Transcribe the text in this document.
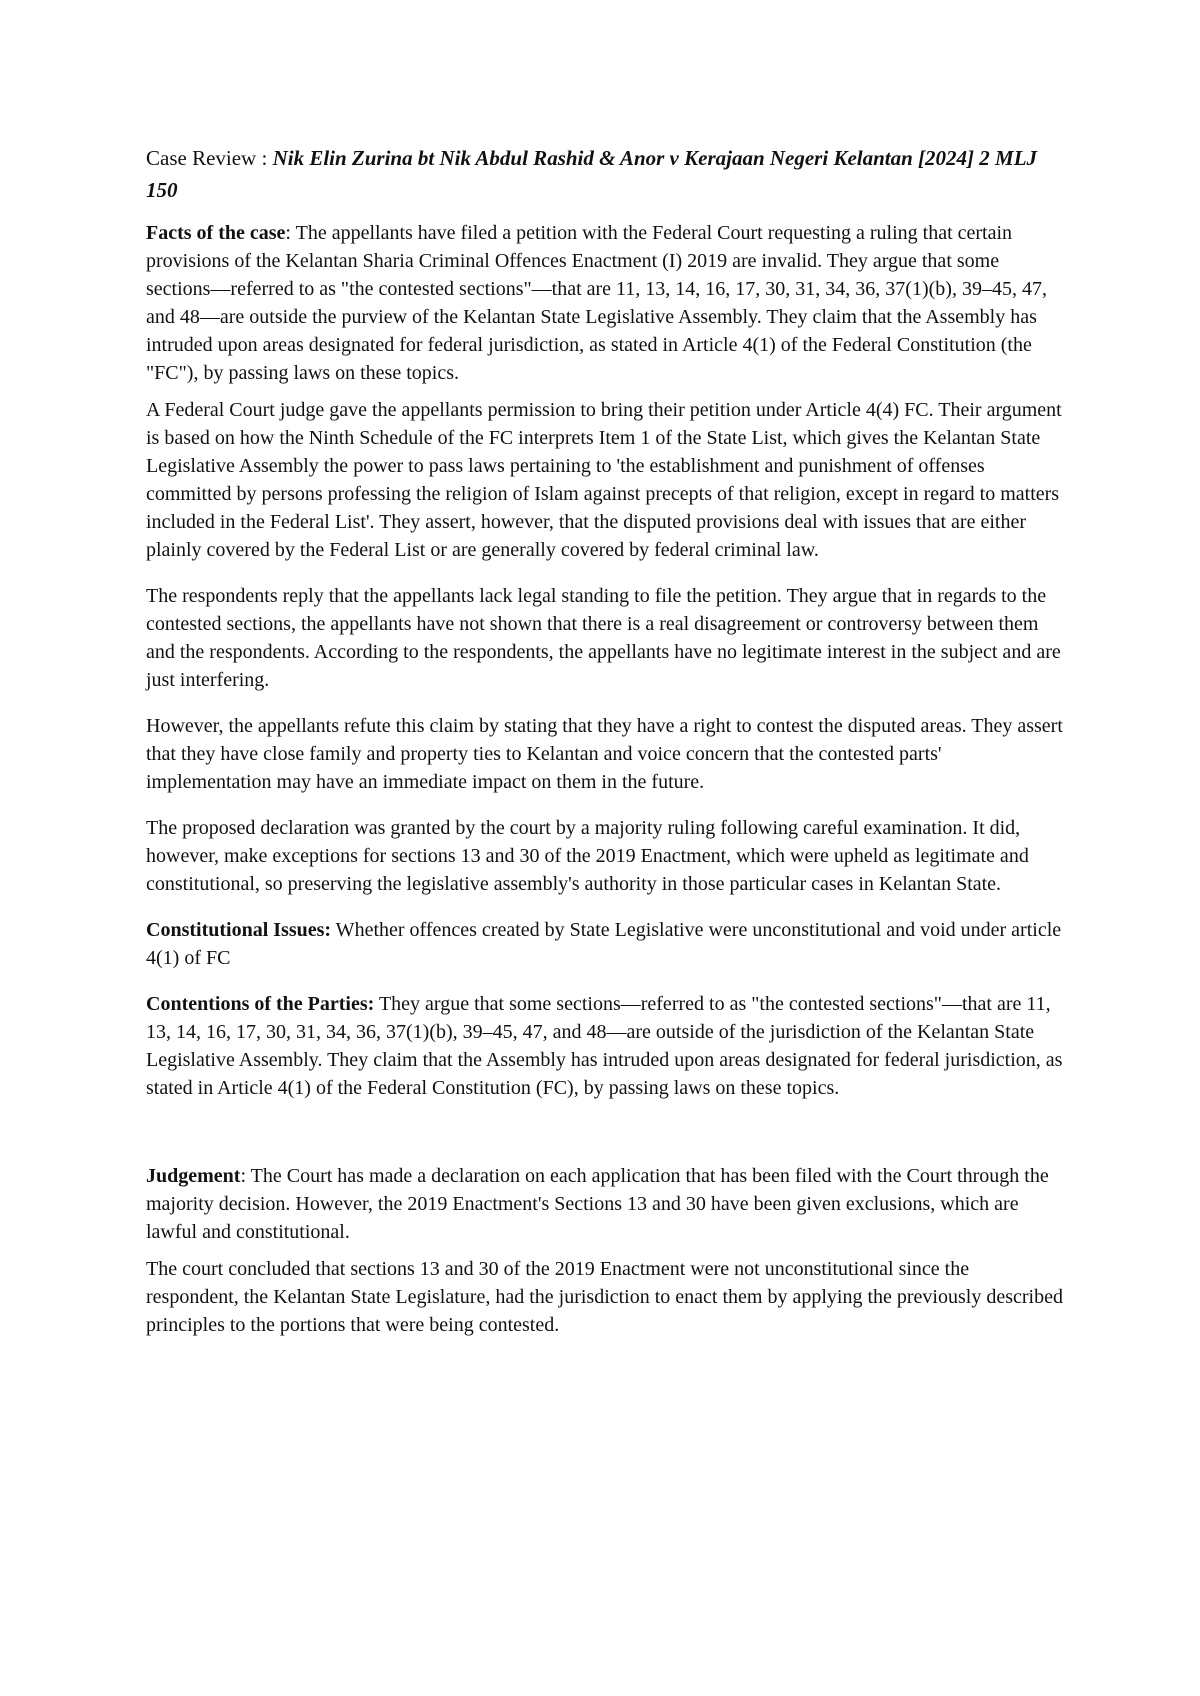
Case Review : Nik Elin Zurina bt Nik Abdul Rashid & Anor v Kerajaan Negeri Kelantan [2024] 2 MLJ 150

Facts of the case: The appellants have filed a petition with the Federal Court requesting a ruling that certain provisions of the Kelantan Sharia Criminal Offences Enactment (I) 2019 are invalid. They argue that some sections—referred to as "the contested sections"—that are 11, 13, 14, 16, 17, 30, 31, 34, 36, 37(1)(b), 39–45, 47, and 48—are outside the purview of the Kelantan State Legislative Assembly. They claim that the Assembly has intruded upon areas designated for federal jurisdiction, as stated in Article 4(1) of the Federal Constitution (the "FC"), by passing laws on these topics.

A Federal Court judge gave the appellants permission to bring their petition under Article 4(4) FC. Their argument is based on how the Ninth Schedule of the FC interprets Item 1 of the State List, which gives the Kelantan State Legislative Assembly the power to pass laws pertaining to 'the establishment and punishment of offenses committed by persons professing the religion of Islam against precepts of that religion, except in regard to matters included in the Federal List'. They assert, however, that the disputed provisions deal with issues that are either plainly covered by the Federal List or are generally covered by federal criminal law.

The respondents reply that the appellants lack legal standing to file the petition. They argue that in regards to the contested sections, the appellants have not shown that there is a real disagreement or controversy between them and the respondents. According to the respondents, the appellants have no legitimate interest in the subject and are just interfering.

However, the appellants refute this claim by stating that they have a right to contest the disputed areas. They assert that they have close family and property ties to Kelantan and voice concern that the contested parts' implementation may have an immediate impact on them in the future.

The proposed declaration was granted by the court by a majority ruling following careful examination. It did, however, make exceptions for sections 13 and 30 of the 2019 Enactment, which were upheld as legitimate and constitutional, so preserving the legislative assembly's authority in those particular cases in Kelantan State.

Constitutional Issues: Whether offences created by State Legislative were unconstitutional and void under article 4(1) of FC

Contentions of the Parties: They argue that some sections—referred to as "the contested sections"—that are 11, 13, 14, 16, 17, 30, 31, 34, 36, 37(1)(b), 39–45, 47, and 48—are outside of the jurisdiction of the Kelantan State Legislative Assembly. They claim that the Assembly has intruded upon areas designated for federal jurisdiction, as stated in Article 4(1) of the Federal Constitution (FC), by passing laws on these topics.

Judgement: The Court has made a declaration on each application that has been filed with the Court through the majority decision. However, the 2019 Enactment's Sections 13 and 30 have been given exclusions, which are lawful and constitutional.

The court concluded that sections 13 and 30 of the 2019 Enactment were not unconstitutional since the respondent, the Kelantan State Legislature, had the jurisdiction to enact them by applying the previously described principles to the portions that were being contested.
